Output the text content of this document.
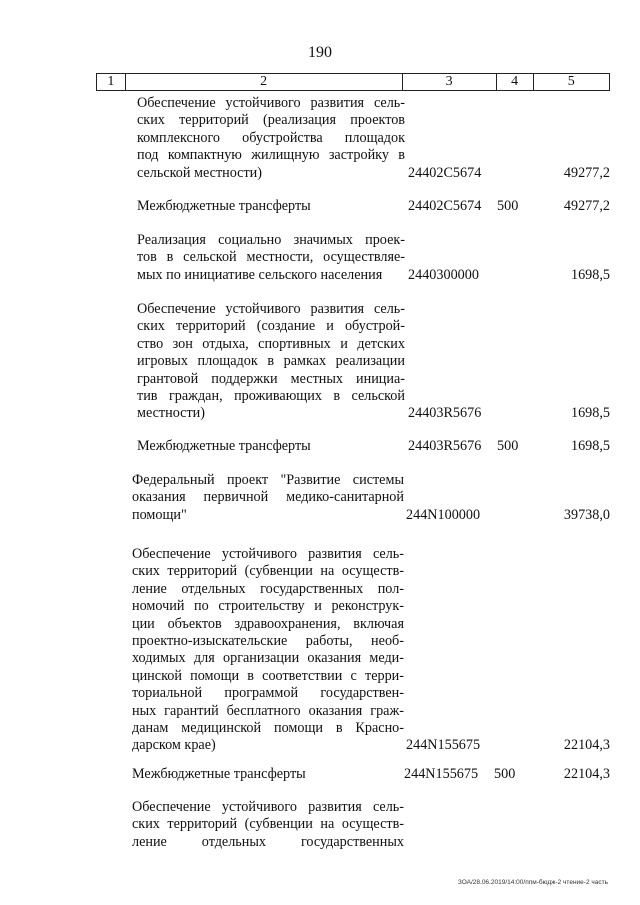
190
1	2	3	4	5
Обеспечение устойчивого развития сель-
ских территорий (реализация проектов
комплексного обустройства площадок
под компактную жилищную застройку в
сельской местности)	24402С5674	49277,2
Межбюджетные трансферты	24402С5674 500	49277,2
Реализация социально значимых проек-
тов в сельской местности, осуществляе-
мых по инициативе сельского населения	2440300000	1698,5
Обеспечение устойчивого развития сель-
ских территорий (создание и обустрой-
ство зон отдыха, спортивных и детских
игровых площадок в рамках реализации
грантовой поддержки местных инициа-
тив граждан, проживающих в сельской
местности)	24403R5676	1698,5
Межбюджетные трансферты	24403R5676 500	1698,5
Федеральный проект "Развитие системы
оказания первичной медико-санитарной
помощи"	244N100000	39738,0
Обеспечение устойчивого развития сель-
ских территорий (субвенции на осуществ-
ление отдельных государственных пол-
номочий по строительству и реконструк-
ции объектов здравоохранения, включая
проектно-изыскательские работы, необ-
ходимых для организации оказания меди-
цинской помощи в соответствии с терри-
ториальной программой государствен-
ных гарантий бесплатного оказания граж-
данам медицинской помощи в Красно-
дарском крае)	244N155675	22104,3
Межбюджетные трансферты	244N155675 500	22104,3
Обеспечение устойчивого развития сель-
ских территорий (субвенции на осуществ-
ление отдельных государственных
ЗОА/28.06.2019/14:00/ппм-бюдж-2 чтение-2 часть
